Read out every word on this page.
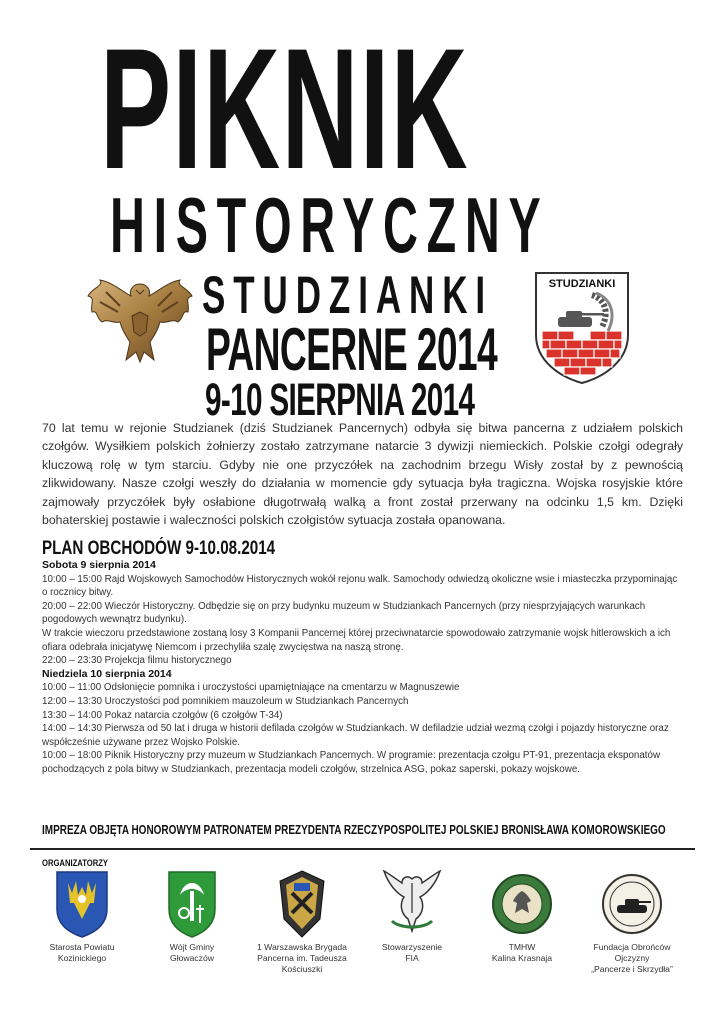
PIKNIK
HISTORYCZNY
STUDZIANKI
PANCERNE 2014
9-10 SIERPNIA 2014
STUDZIANKI
70 lat temu w rejonie Studzianek (dziś Studzianek Pancernych) odbyła się bitwa pancerna z udziałem polskich czołgów. Wysiłkiem polskich żołnierzy zostało zatrzymane natarcie 3 dywizji niemieckich. Polskie czołgi odegrały kluczową rolę w tym starciu. Gdyby nie one przyczółek na zachodnim brzegu Wisły został by z pewnością zlikwidowany. Nasze czołgi weszły do działania w momencie gdy sytuacja była tragiczna. Wojska rosyjskie które zajmowały przyczółek były osłabione długotrwałą walką a front został przerwany na odcinku 1,5 km. Dzięki bohaterskiej postawie i waleczności polskich czołgistów sytuacja została opanowana.
PLAN OBCHODÓW 9-10.08.2014
Sobota 9 sierpnia 2014

10:00 – 15:00 Rajd Wojskowych Samochodów Historycznych wokół rejonu walk. Samochody odwiedzą okoliczne wsie i miasteczka przypominając o rocznicy bitwy.

20:00 – 22:00 Wieczór Historyczny. Odbędzie się on przy budynku muzeum w Studziankach Pancernych (przy niesprzyjających warunkach pogodowych wewnątrz budynku).

W trakcie wieczoru przedstawione zostaną losy 3 Kompanii Pancernej której przeciwnatarcie spowodowało zatrzymanie wojsk hitlerowskich a ich ofiara odebrała inicjatywę Niemcom i przechyliła szalę zwycięstwa na naszą stronę.

22:00 – 23:30 Projekcja filmu historycznego

Niedziela 10 sierpnia 2014

10:00 – 11:00 Odsłonięcie pomnika i uroczystości upamiętniające na cmentarzu w Magnuszewie

12:00 – 13:30 Uroczystości pod pomnikiem mauzoleum w Studziankach Pancernych

13:30 – 14:00 Pokaz natarcia czołgów (6 czołgów T-34)

14:00 – 14:30 Pierwsza od 50 lat i druga w historii defilada czołgów w Studziankach. W defiladzie udział wezmą czołgi i pojazdy historyczne oraz współcześnie używane przez Wojsko Polskie.

10:00 – 18:00 Piknik Historyczny przy muzeum w Studziankach Pancernych. W programie: prezentacja czołgu PT-91, prezentacja eksponatów pochodzących z pola bitwy w Studziankach, prezentacja modeli czołgów, strzelnica ASG, pokaz saperski, pokazy wojskowe.

IMPREZA OBJĘTA HONOROWYM PATRONATEM PREZYDENTA RZECZYPOSPOLITEJ POLSKIEJ BRONISŁAWA KOMOROWSKIEGO
ORGANIZATORZY
Starosta Powiatu
Kozinickiego
Wójt Gminy
Głowaczów
1 Warszawska Brygada
Pancerna im. Tadeusza
Kościuszki
Stowarzyszenie
FIA
TMHW
Kalina Krasnaja
Fundacja Obrońców
Ojczyzny
„Pancerze i Skrzydła”
